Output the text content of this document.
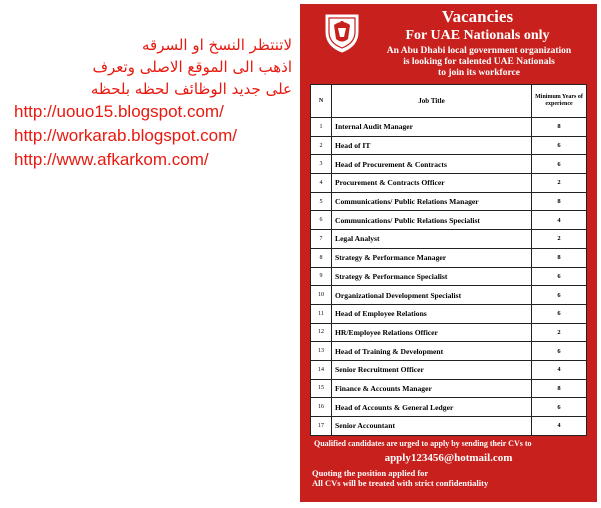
لاتنتظر النسخ او السرقه
اذهب الى الموقع الاصلى وتعرف
على جديد الوظائف لحظه بلحظه
http://uouo15.blogspot.com/
http://workarab.blogspot.com/
http://www.afkarkom.com/
Vacancies
For UAE Nationals only
An Abu Dhabi local government organization
is looking for talented UAE Nationals
to join its workforce
N	Job Title	Minimum Years of experience
1	Internal Audit Manager	8
2	Head of IT	6
3	Head of Procurement & Contracts	6
4	Procurement & Contracts Officer	2
5	Communications/ Public Relations Manager	8
6	Communications/ Public Relations Specialist	4
7	Legal Analyst	2
8	Strategy & Performance Manager	8
9	Strategy & Performance Specialist	6
10	Organizational Development Specialist	6
11	Head of Employee Relations	6
12	HR/Employee Relations Officer	2
13	Head of Training & Development	6
14	Senior Recruitment Officer	4
15	Finance & Accounts Manager	8
16	Head of Accounts & General Ledger	6
17	Senior Accountant	4
Qualified candidates are urged to apply by sending their CVs to
apply123456@hotmail.com
Quoting the position applied for
All CVs will be treated with strict confidentiality
